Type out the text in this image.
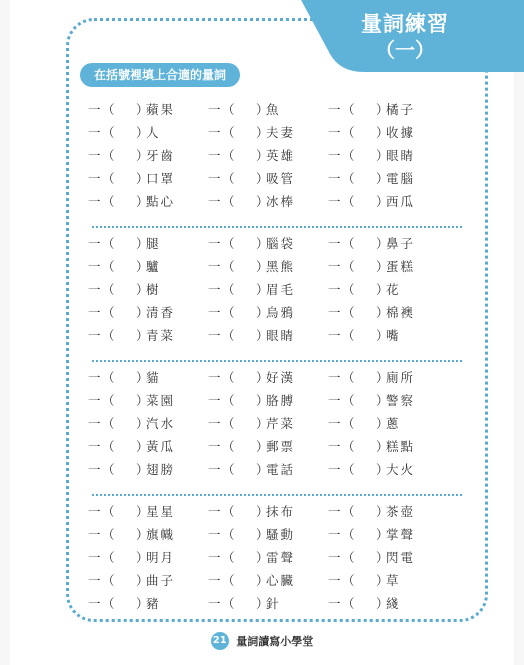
量詞練習
（一）
在括號裡填上合適的量詞
一（ ）蘋果	一（ ）魚	一（ ）橘子
一（ ）人	一（ ）夫妻	一（ ）收據
一（ ）牙齒	一（ ）英雄	一（ ）眼睛
一（ ）口罩	一（ ）吸管	一（ ）電腦
一（ ）點心	一（ ）冰棒	一（ ）西瓜
一（ ）腿	一（ ）腦袋	一（ ）鼻子
一（ ）驢	一（ ）黑熊	一（ ）蛋糕
一（ ）樹	一（ ）眉毛	一（ ）花
一（ ）清香	一（ ）烏鴉	一（ ）棉襖
一（ ）青菜	一（ ）眼睛	一（ ）嘴
一（ ）貓	一（ ）好漢	一（ ）廁所
一（ ）菜園	一（ ）胳膊	一（ ）警察
一（ ）汽水	一（ ）芹菜	一（ ）蔥
一（ ）黃瓜	一（ ）郵票	一（ ）糕點
一（ ）翅膀	一（ ）電話	一（ ）大火
一（ ）星星	一（ ）抹布	一（ ）茶壺
一（ ）旗幟	一（ ）騷動	一（ ）掌聲
一（ ）明月	一（ ）雷聲	一（ ）閃電
一（ ）曲子	一（ ）心臟	一（ ）草
一（ ）豬	一（ ）針	一（ ）綫
21 量詞讀寫小學堂
